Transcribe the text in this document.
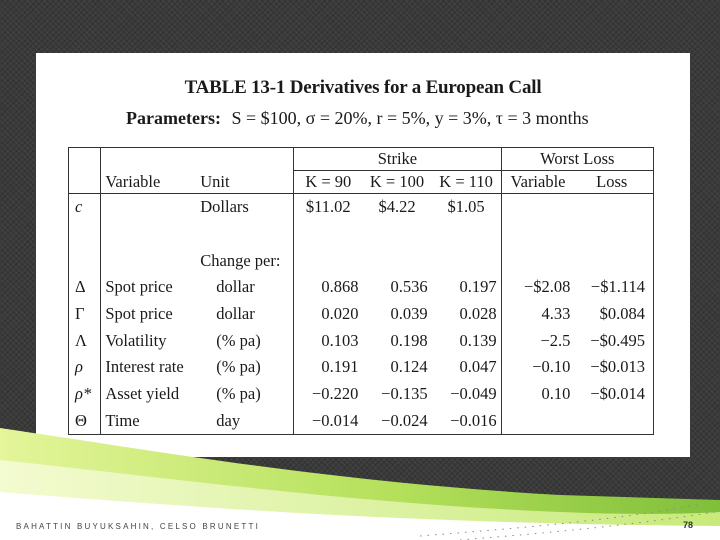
TABLE 13-1 Derivatives for a European Call
Parameters: S = $100, σ = 20%, r = 5%, y = 3%, τ = 3 months
			Strike			Worst Loss	
	Variable	Unit	K = 90	K = 100	K = 110	Variable	Loss
c		Dollars	$11.02	$4.22	$1.05		

		Change per:					
Δ	Spot price	dollar	0.868	0.536	0.197	−$2.08	−$1.114
Γ	Spot price	dollar	0.020	0.039	0.028	4.33	$0.084
Λ	Volatility	(% pa)	0.103	0.198	0.139	−2.5	−$0.495
ρ	Interest rate	(% pa)	0.191	0.124	0.047	−0.10	−$0.013
ρ*	Asset yield	(% pa)	−0.220	−0.135	−0.049	0.10	−$0.014
Θ	Time	day	−0.014	−0.024	−0.016		
BAHATTIN BUYUKSAHIN, CELSO BRUNETTI	78
